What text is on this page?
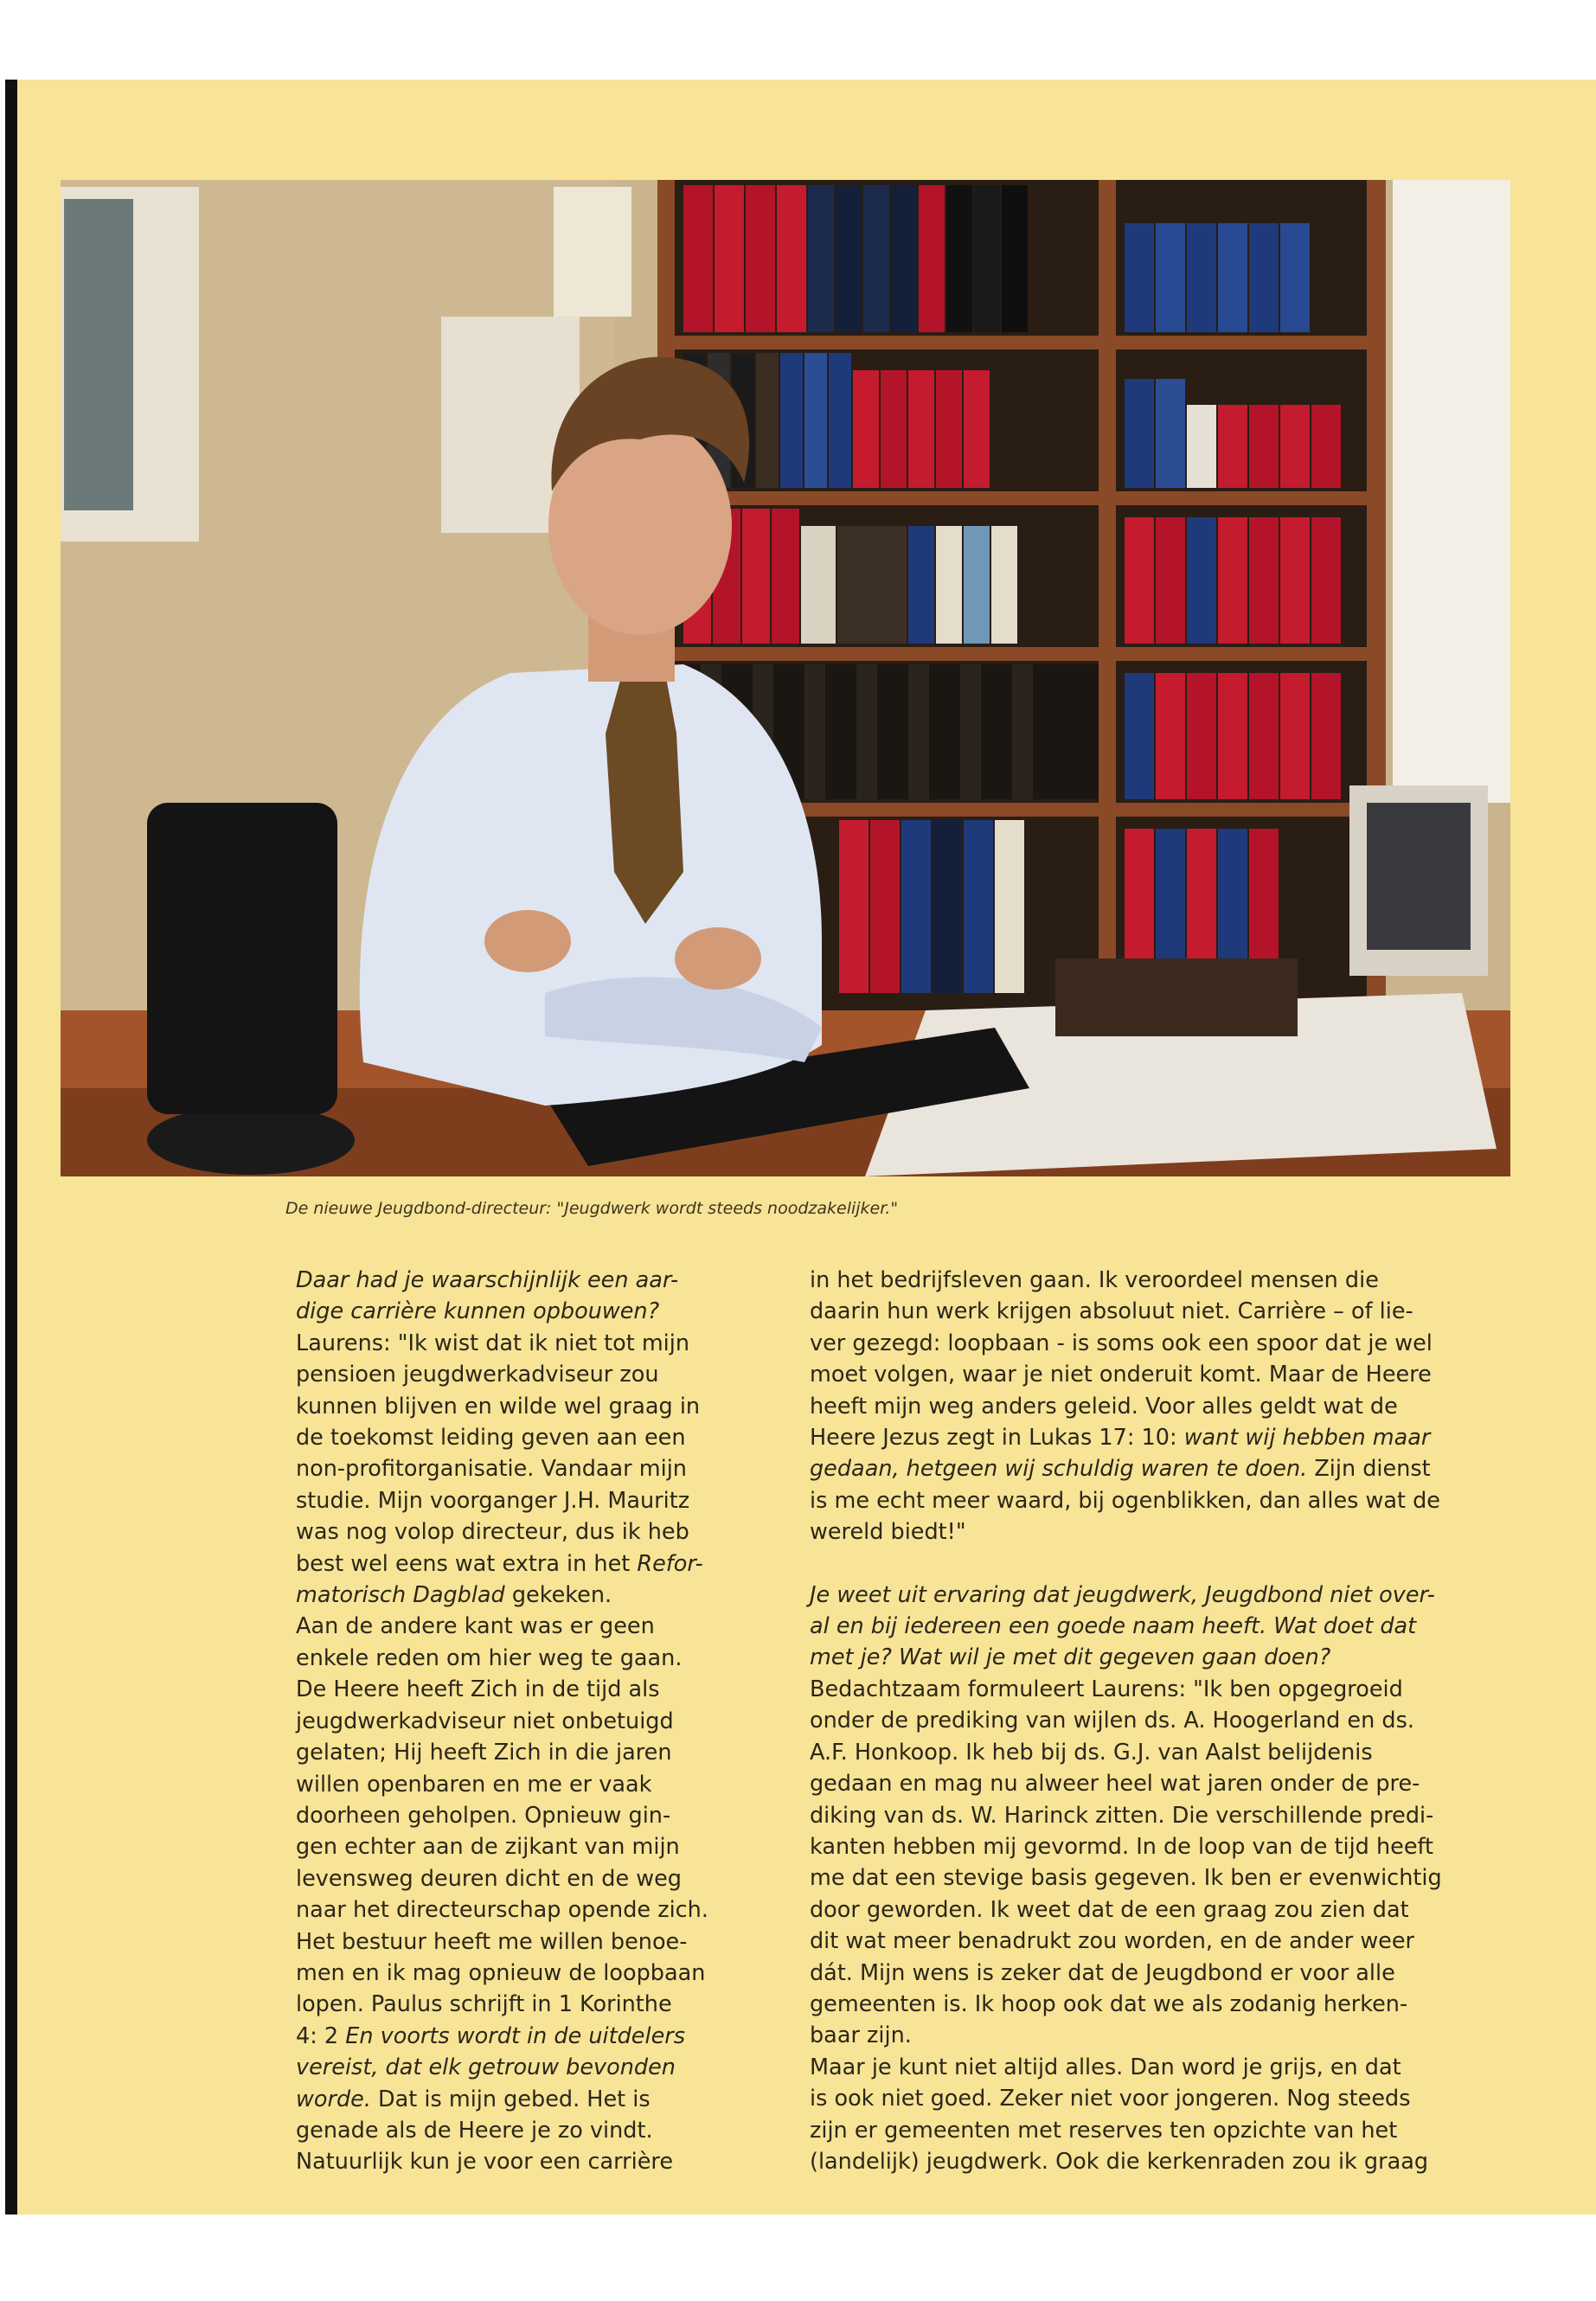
De nieuwe Jeugdbond-directeur: "Jeugdwerk wordt steeds noodzakelijker."

Daar had je waarschijnlijk een aar-

dige carrière kunnen opbouwen?

Laurens: "Ik wist dat ik niet tot mijn

pensioen jeugdwerkadviseur zou

kunnen blijven en wilde wel graag in

de toekomst leiding geven aan een

non-profitorganisatie. Vandaar mijn

studie. Mijn voorganger J.H. Mauritz

was nog volop directeur, dus ik heb

best wel eens wat extra in het Refor-

matorisch Dagblad gekeken.

Aan de andere kant was er geen

enkele reden om hier weg te gaan.

De Heere heeft Zich in de tijd als

jeugdwerkadviseur niet onbetuigd

gelaten; Hij heeft Zich in die jaren

willen openbaren en me er vaak

doorheen geholpen. Opnieuw gin-

gen echter aan de zijkant van mijn

levensweg deuren dicht en de weg

naar het directeurschap opende zich.

Het bestuur heeft me willen benoe-

men en ik mag opnieuw de loopbaan

lopen. Paulus schrijft in 1 Korinthe

4: 2 En voorts wordt in de uitdelers

vereist, dat elk getrouw bevonden

worde. Dat is mijn gebed. Het is

genade als de Heere je zo vindt.

Natuurlijk kun je voor een carrière

in het bedrijfsleven gaan. Ik veroordeel mensen die

daarin hun werk krijgen absoluut niet. Carrière – of lie-

ver gezegd: loopbaan - is soms ook een spoor dat je wel

moet volgen, waar je niet onderuit komt. Maar de Heere

heeft mijn weg anders geleid. Voor alles geldt wat de

Heere Jezus zegt in Lukas 17: 10: want wij hebben maar

gedaan, hetgeen wij schuldig waren te doen. Zijn dienst

is me echt meer waard, bij ogenblikken, dan alles wat de

wereld biedt!"

Je weet uit ervaring dat jeugdwerk, Jeugdbond niet over-

al en bij iedereen een goede naam heeft. Wat doet dat

met je? Wat wil je met dit gegeven gaan doen?

Bedachtzaam formuleert Laurens: "Ik ben opgegroeid

onder de prediking van wijlen ds. A. Hoogerland en ds.

A.F. Honkoop. Ik heb bij ds. G.J. van Aalst belijdenis

gedaan en mag nu alweer heel wat jaren onder de pre-

diking van ds. W. Harinck zitten. Die verschillende predi-

kanten hebben mij gevormd. In de loop van de tijd heeft

me dat een stevige basis gegeven. Ik ben er evenwichtig

door geworden. Ik weet dat de een graag zou zien dat

dit wat meer benadrukt zou worden, en de ander weer

dát. Mijn wens is zeker dat de Jeugdbond er voor alle

gemeenten is. Ik hoop ook dat we als zodanig herken-

baar zijn.

Maar je kunt niet altijd alles. Dan word je grijs, en dat

is ook niet goed. Zeker niet voor jongeren. Nog steeds

zijn er gemeenten met reserves ten opzichte van het

(landelijk) jeugdwerk. Ook die kerkenraden zou ik graag
